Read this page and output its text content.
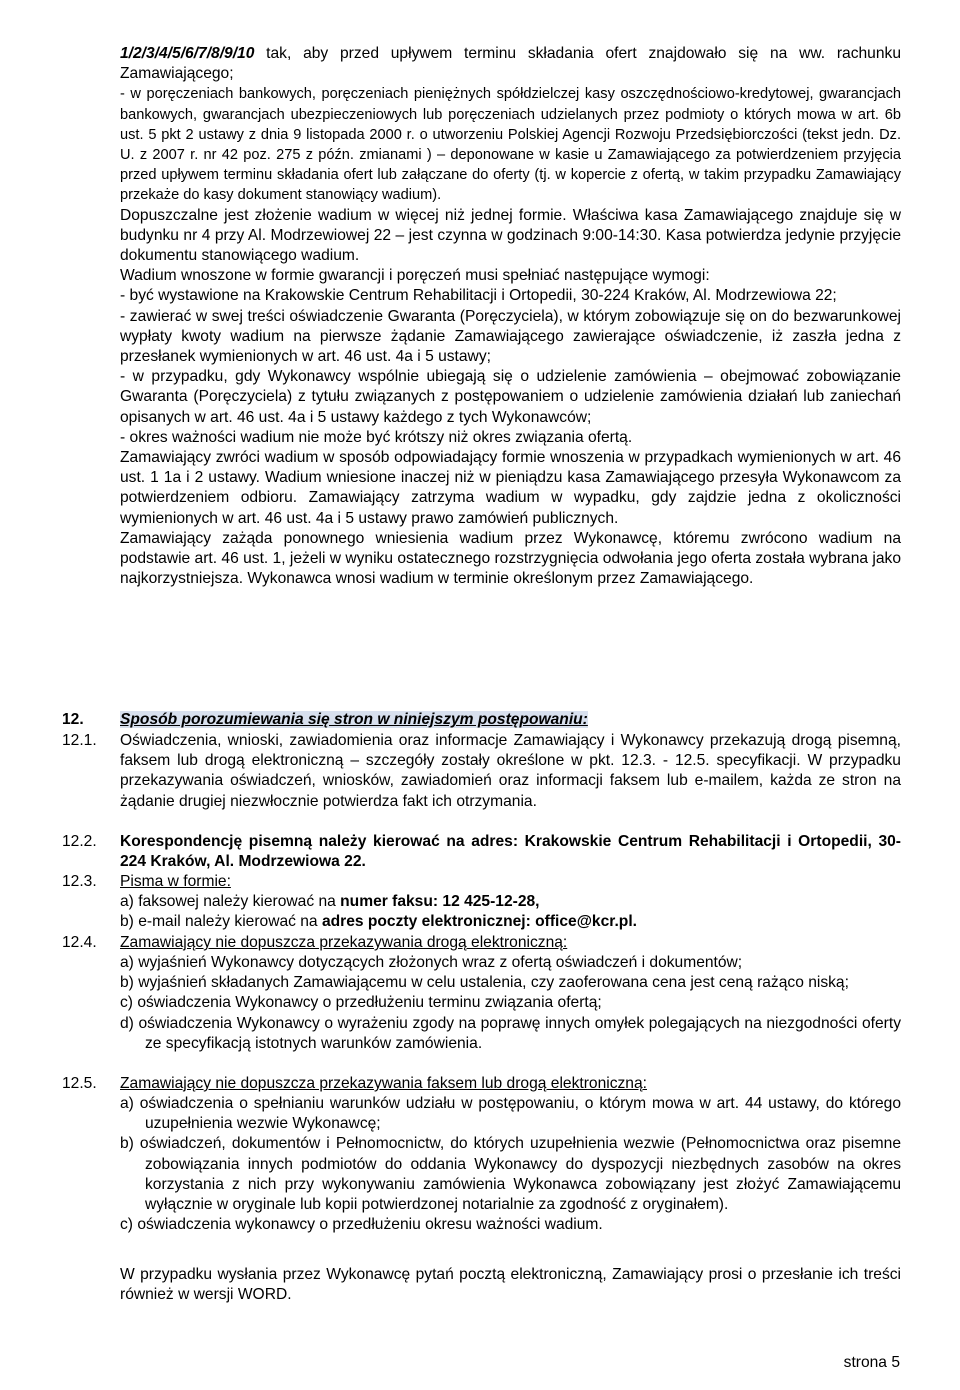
1/2/3/4/5/6/7/8/9/10 tak, aby przed upływem terminu składania ofert znajdowało się na ww. rachunku Zamawiającego;

- w poręczeniach bankowych, poręczeniach pieniężnych spółdzielczej kasy oszczędnościowo-kredytowej, gwarancjach bankowych, gwarancjach ubezpieczeniowych lub poręczeniach udzielanych przez podmioty o których mowa w art. 6b ust. 5 pkt 2 ustawy z dnia 9 listopada 2000 r. o utworzeniu Polskiej Agencji Rozwoju Przedsiębiorczości (tekst jedn. Dz. U. z 2007 r. nr 42 poz. 275 z późn. zmianami ) – deponowane w kasie u Zamawiającego za potwierdzeniem przyjęcia przed upływem terminu składania ofert lub załączane do oferty (tj. w kopercie z ofertą, w takim przypadku Zamawiający przekaże do kasy dokument stanowiący wadium).

Dopuszczalne jest złożenie wadium w więcej niż jednej formie. Właściwa kasa Zamawiającego znajduje się w budynku nr 4 przy Al. Modrzewiowej 22 – jest czynna w godzinach 9:00-14:30. Kasa potwierdza jedynie przyjęcie dokumentu stanowiącego wadium.

Wadium wnoszone w formie gwarancji i poręczeń musi spełniać następujące wymogi:

- być wystawione na Krakowskie Centrum Rehabilitacji i Ortopedii, 30-224 Kraków, Al. Modrzewiowa 22;

- zawierać w swej treści oświadczenie Gwaranta (Poręczyciela), w którym zobowiązuje się on do bezwarunkowej wypłaty kwoty wadium na pierwsze żądanie Zamawiającego zawierające oświadczenie, iż zaszła jedna z przesłanek wymienionych w art. 46 ust. 4a i 5 ustawy;

- w przypadku, gdy Wykonawcy wspólnie ubiegają się o udzielenie zamówienia – obejmować zobowiązanie Gwaranta (Poręczyciela) z tytułu związanych z postępowaniem o udzielenie zamówienia działań lub zaniechań opisanych w art. 46 ust. 4a i 5 ustawy każdego z tych Wykonawców;

- okres ważności wadium nie może być krótszy niż okres związania ofertą.

Zamawiający zwróci wadium w sposób odpowiadający formie wnoszenia w przypadkach wymienionych w art. 46 ust. 1 1a i 2 ustawy. Wadium wniesione inaczej niż w pieniądzu kasa Zamawiającego przesyła Wykonawcom za potwierdzeniem odbioru. Zamawiający zatrzyma wadium w wypadku, gdy zajdzie jedna z okoliczności wymienionych w art. 46 ust. 4a i 5 ustawy prawo zamówień publicznych.

Zamawiający zażąda ponownego wniesienia wadium przez Wykonawcę, któremu zwrócono wadium na podstawie art. 46 ust. 1, jeżeli w wyniku ostatecznego rozstrzygnięcia odwołania jego oferta została wybrana jako najkorzystniejsza. Wykonawca wnosi wadium w terminie określonym przez Zamawiającego.

12.	Sposób porozumiewania się stron w niniejszym postępowaniu:
12.1.	Oświadczenia, wnioski, zawiadomienia oraz informacje Zamawiający i Wykonawcy przekazują drogą pisemną, faksem lub drogą elektroniczną – szczegóły zostały określone w pkt. 12.3. - 12.5. specyfikacji. W przypadku przekazywania oświadczeń, wniosków, zawiadomień oraz informacji faksem lub e-mailem, każda ze stron na żądanie drugiej niezwłocznie potwierdza fakt ich otrzymania.

12.2.	Korespondencję pisemną należy kierować na adres: Krakowskie Centrum Rehabilitacji i Ortopedii, 30-224 Kraków, Al. Modrzewiowa 22.

12.3.	Pisma w formie:

a) faksowej należy kierować na numer faksu: 12 425-12-28,

b) e-mail należy kierować na adres poczty elektronicznej: office@kcr.pl.

12.4.	Zamawiający nie dopuszcza przekazywania drogą elektroniczną:

a) wyjaśnień Wykonawcy dotyczących złożonych wraz z ofertą oświadczeń i dokumentów;
b) wyjaśnień składanych Zamawiającemu w celu ustalenia, czy zaoferowana cena jest ceną rażąco niską;
c) oświadczenia Wykonawcy o przedłużeniu terminu związania ofertą;
d) oświadczenia Wykonawcy o wyrażeniu zgody na poprawę innych omyłek polegających na niezgodności oferty ze specyfikacją istotnych warunków zamówienia.
12.5.	Zamawiający nie dopuszcza przekazywania faksem lub drogą elektroniczną:

a) oświadczenia o spełnianiu warunków udziału w postępowaniu, o którym mowa w art. 44 ustawy, do którego uzupełnienia wezwie Wykonawcę;
b) oświadczeń, dokumentów i Pełnomocnictw, do których uzupełnienia wezwie (Pełnomocnictwa oraz pisemne zobowiązania innych podmiotów do oddania Wykonawcy do dyspozycji niezbędnych zasobów na okres korzystania z nich przy wykonywaniu zamówienia Wykonawca zobowiązany jest złożyć Zamawiającemu wyłącznie w oryginale lub kopii potwierdzonej notarialnie za zgodność z oryginałem).
c) oświadczenia wykonawcy o przedłużeniu okresu ważności wadium.

W przypadku wysłania przez Wykonawcę pytań pocztą elektroniczną, Zamawiający prosi o przesłanie ich treści również w wersji WORD.

strona 5
